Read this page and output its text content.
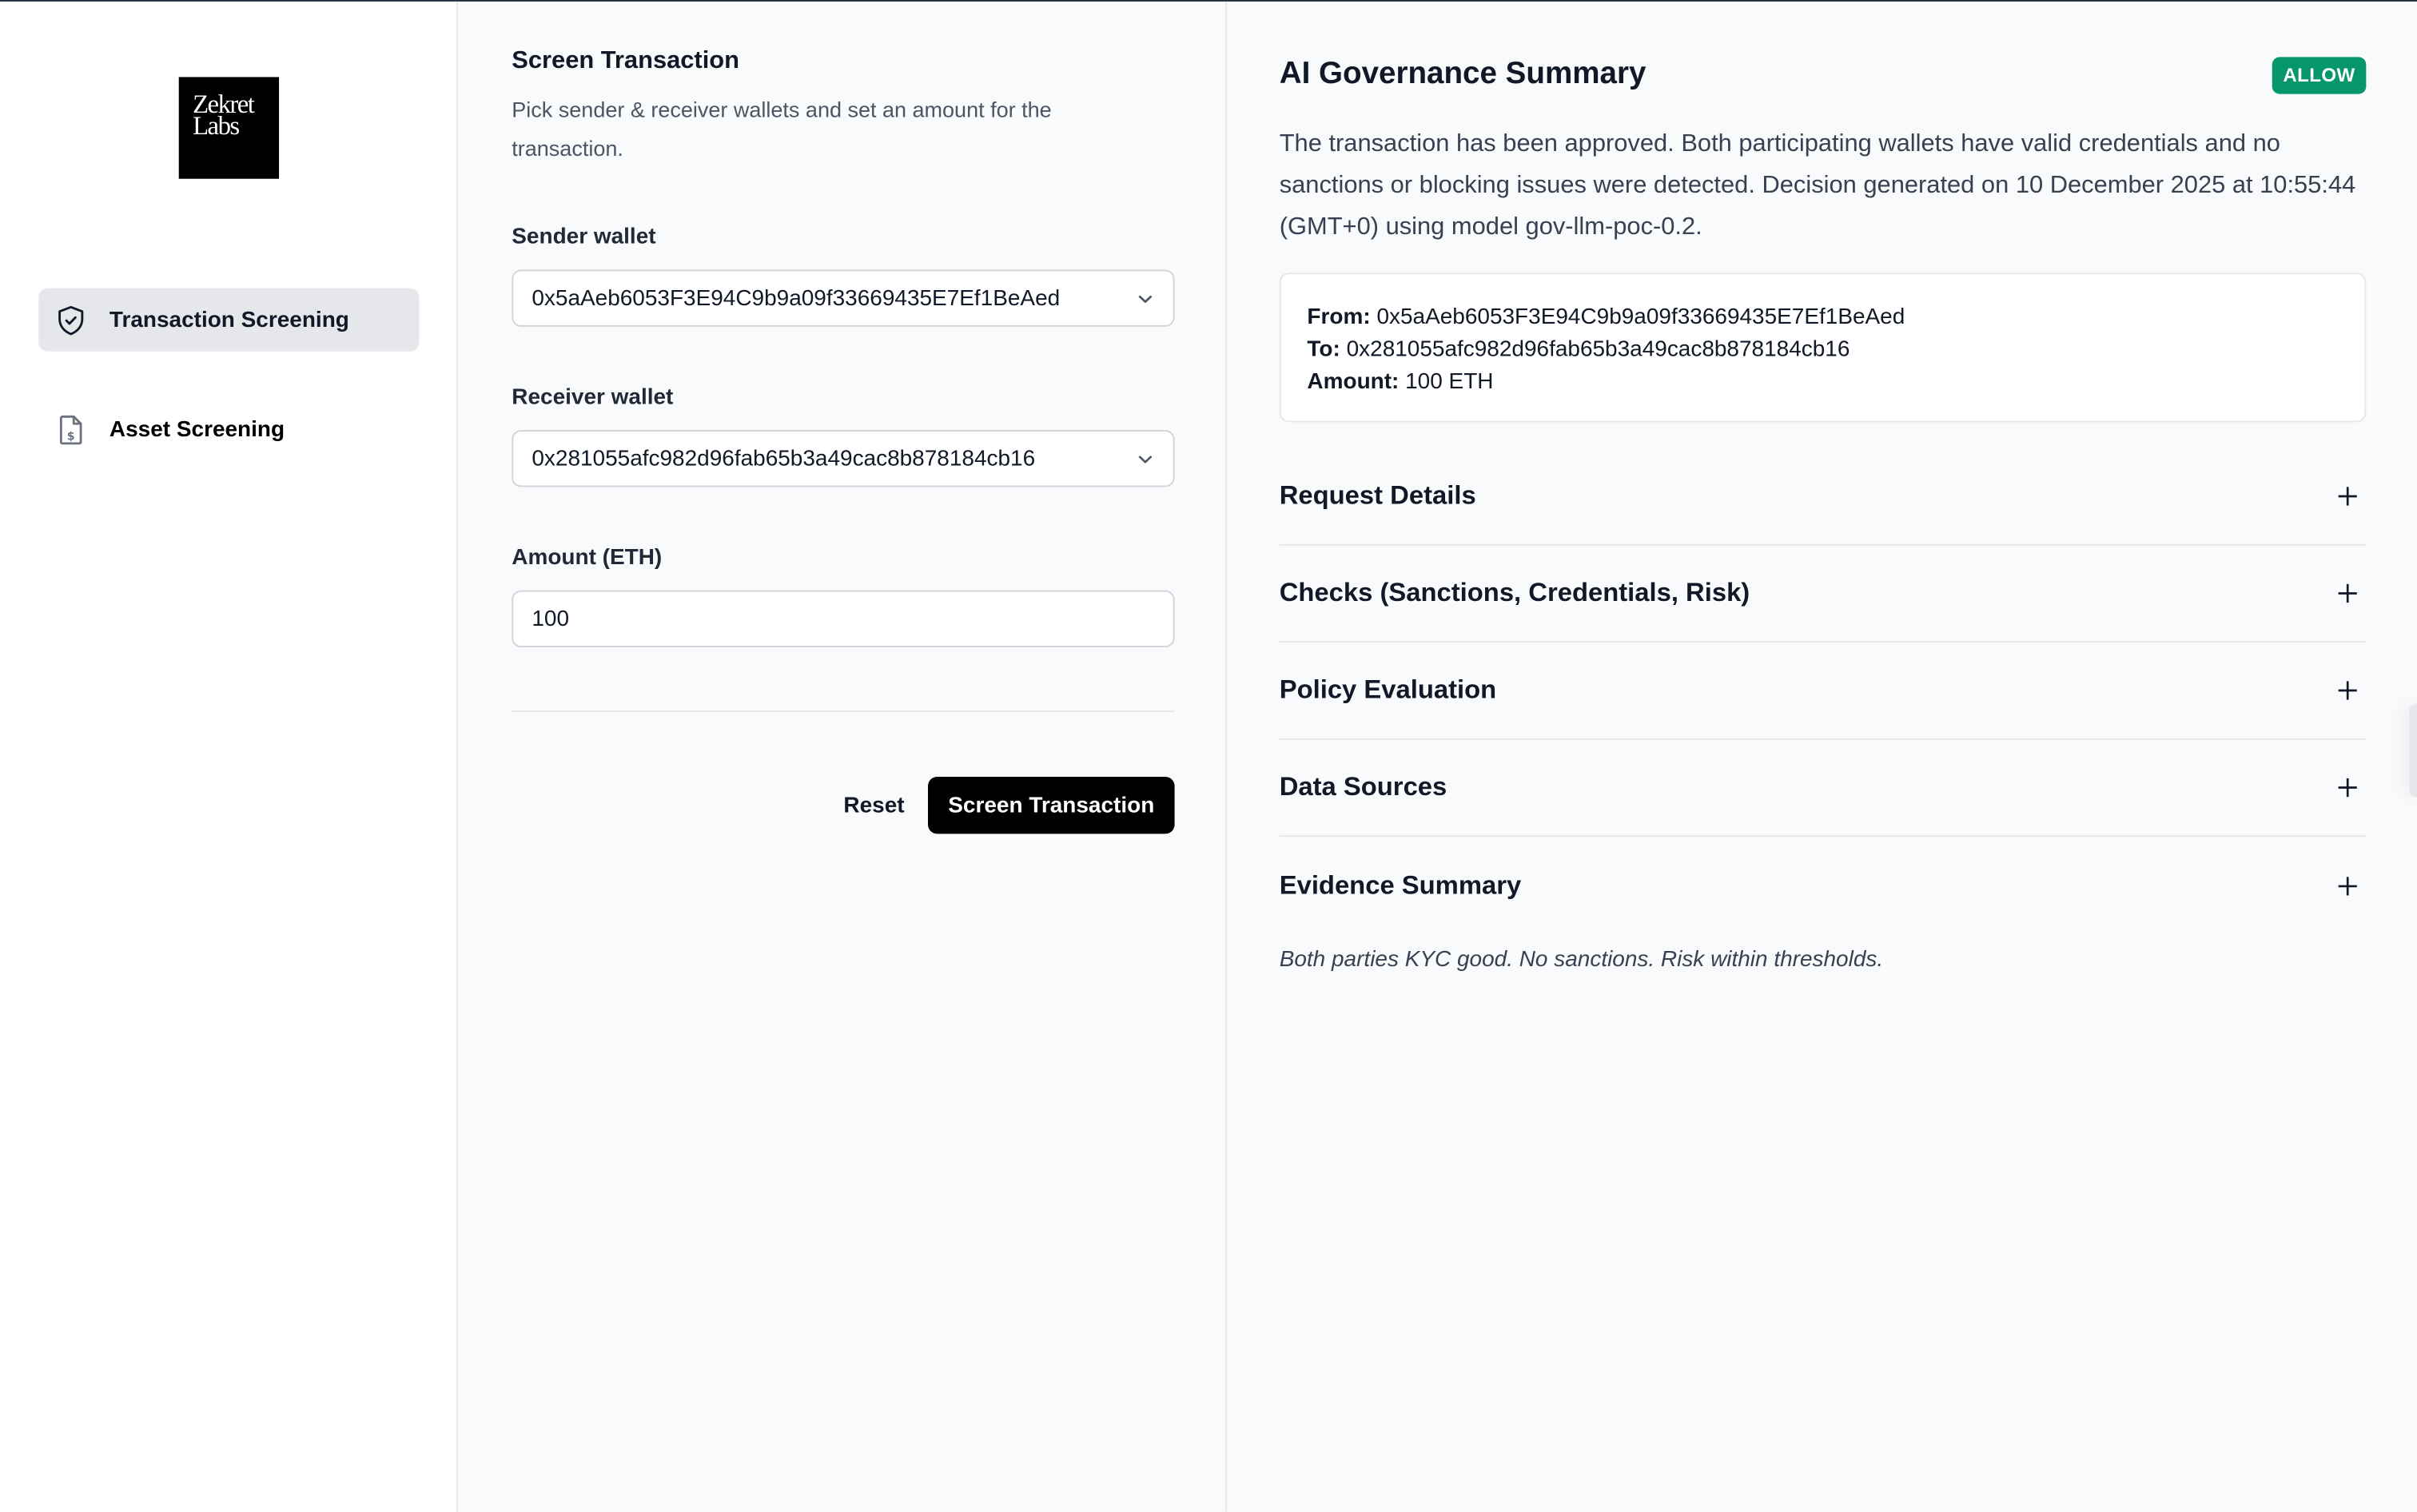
Zekret
Labs
Transaction Screening
$	Asset Screening
Screen Transaction
Pick sender & receiver wallets and set an amount for the transaction.
Sender wallet
0x5aAeb6053F3E94C9b9a09f33669435E7Ef1BeAed
Receiver wallet
0x281055afc982d96fab65b3a49cac8b878184cb16
Amount (ETH)
100
Reset	Screen Transaction
AI Governance Summary	ALLOW
The transaction has been approved. Both participating wallets have valid credentials and no sanctions or blocking issues were detected. Decision generated on 10 December 2025 at 10:55:44 (GMT+0) using model gov-llm-poc-0.2.
From: 0x5aAeb6053F3E94C9b9a09f33669435E7Ef1BeAed
To: 0x281055afc982d96fab65b3a49cac8b878184cb16
Amount: 100 ETH
Request Details
Checks (Sanctions, Credentials, Risk)
Policy Evaluation
Data Sources
Evidence Summary
Both parties KYC good. No sanctions. Risk within thresholds.
